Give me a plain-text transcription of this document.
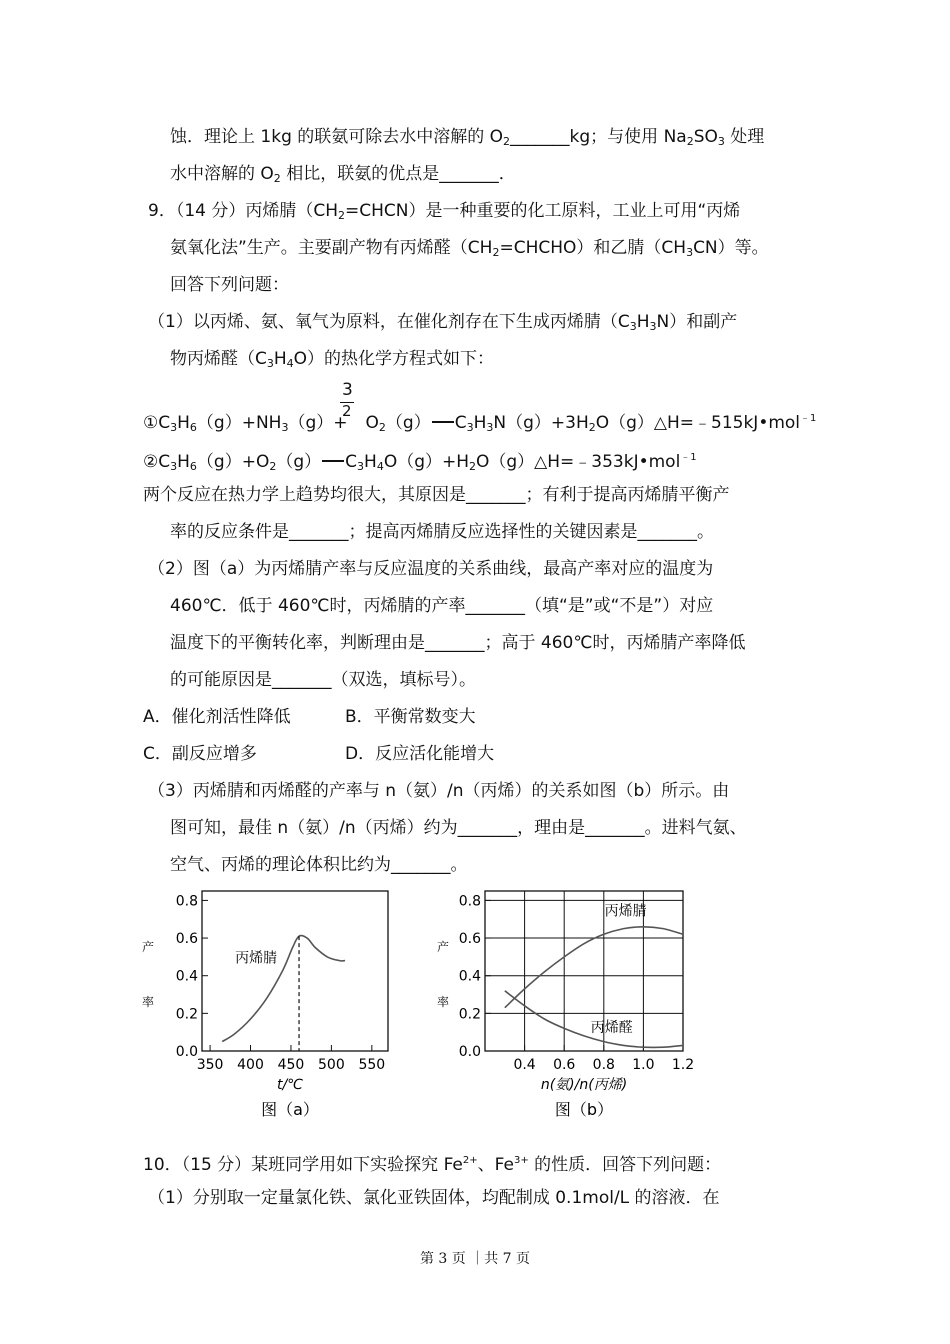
蚀．理论上 1kg 的联氨可除去水中溶解的 $O_2\_\_\_\_\_\_\_kg$；与使用 $Na_2SO_3$ 处理
水中溶解的 $O_2$ 相比，联氨的优点是_______．
9．（14 分）丙烯腈$(CH_2=CHCN)$是一种重要的化工原料，工业上可用“丙烯
氨氧化法”生产。主要副产物有丙烯醛$(CH_2=CHCHO)$和乙腈$(CH_3CN)$等。
回答下列问题：
（1）以丙烯、氨、氧气为原料，在催化剂存在下生成丙烯腈$(C_3H_3N)$和副产
物丙烯醛$(C_3H_4O)$的热化学方程式如下：
3
2
$①C_3H_6(g)+NH_3(g)+ O_2(g)$ $C_3H_3N(g)+3H_2O(g)\triangle H=﹣515kJ•mol^{﹣1}$
$②C_3H_6(g)+O_2(g)$ $C_3H_4O(g)+H_2O(g)\triangle H=﹣353kJ•mol^{﹣1}$
两个反应在热力学上趋势均很大，其原因是_______；有利于提高丙烯腈平衡产
率的反应条件是_______；提高丙烯腈反应选择性的关键因素是_______。
（2）图（a）为丙烯腈产率与反应温度的关系曲线，最高产率对应的温度为
460℃．低于 460℃时，丙烯腈的产率_______（填“是”或“不是”）对应
温度下的平衡转化率，判断理由是_______；高于 460℃时，丙烯腈产率降低
的可能原因是_______（双选，填标号）。
A．催化剂活性降低	B．平衡常数变大
C．副反应增多	D．反应活化能增大
（3）丙烯腈和丙烯醛的产率与 n（氨）/n（丙烯）的关系如图（b）所示。由
图可知，最佳 n（氨）/n（丙烯）约为_______，理由是_______。进料气氨、
空气、丙烯的理论体积比约为_______。
0.0
0.2
0.4
0.6
0.8
350 400 450 500 550
产
率
t/℃
图（a）
丙烯腈
0.0
0.2
0.4
0.6
0.8
0.4 0.6 0.8 1.0 1.2
产
率
n(氨)/n(丙烯)
图（b）
丙烯腈
丙烯醛
10．（15 分）某班同学用如下实验探究 $Fe^{2+}$、$Fe^{3+}$ 的性质．回答下列问题：
（1）分别取一定量氯化铁、氯化亚铁固体，均配制成 0.1mol/L 的溶液．在
第 3 页 ｜共 7 页
